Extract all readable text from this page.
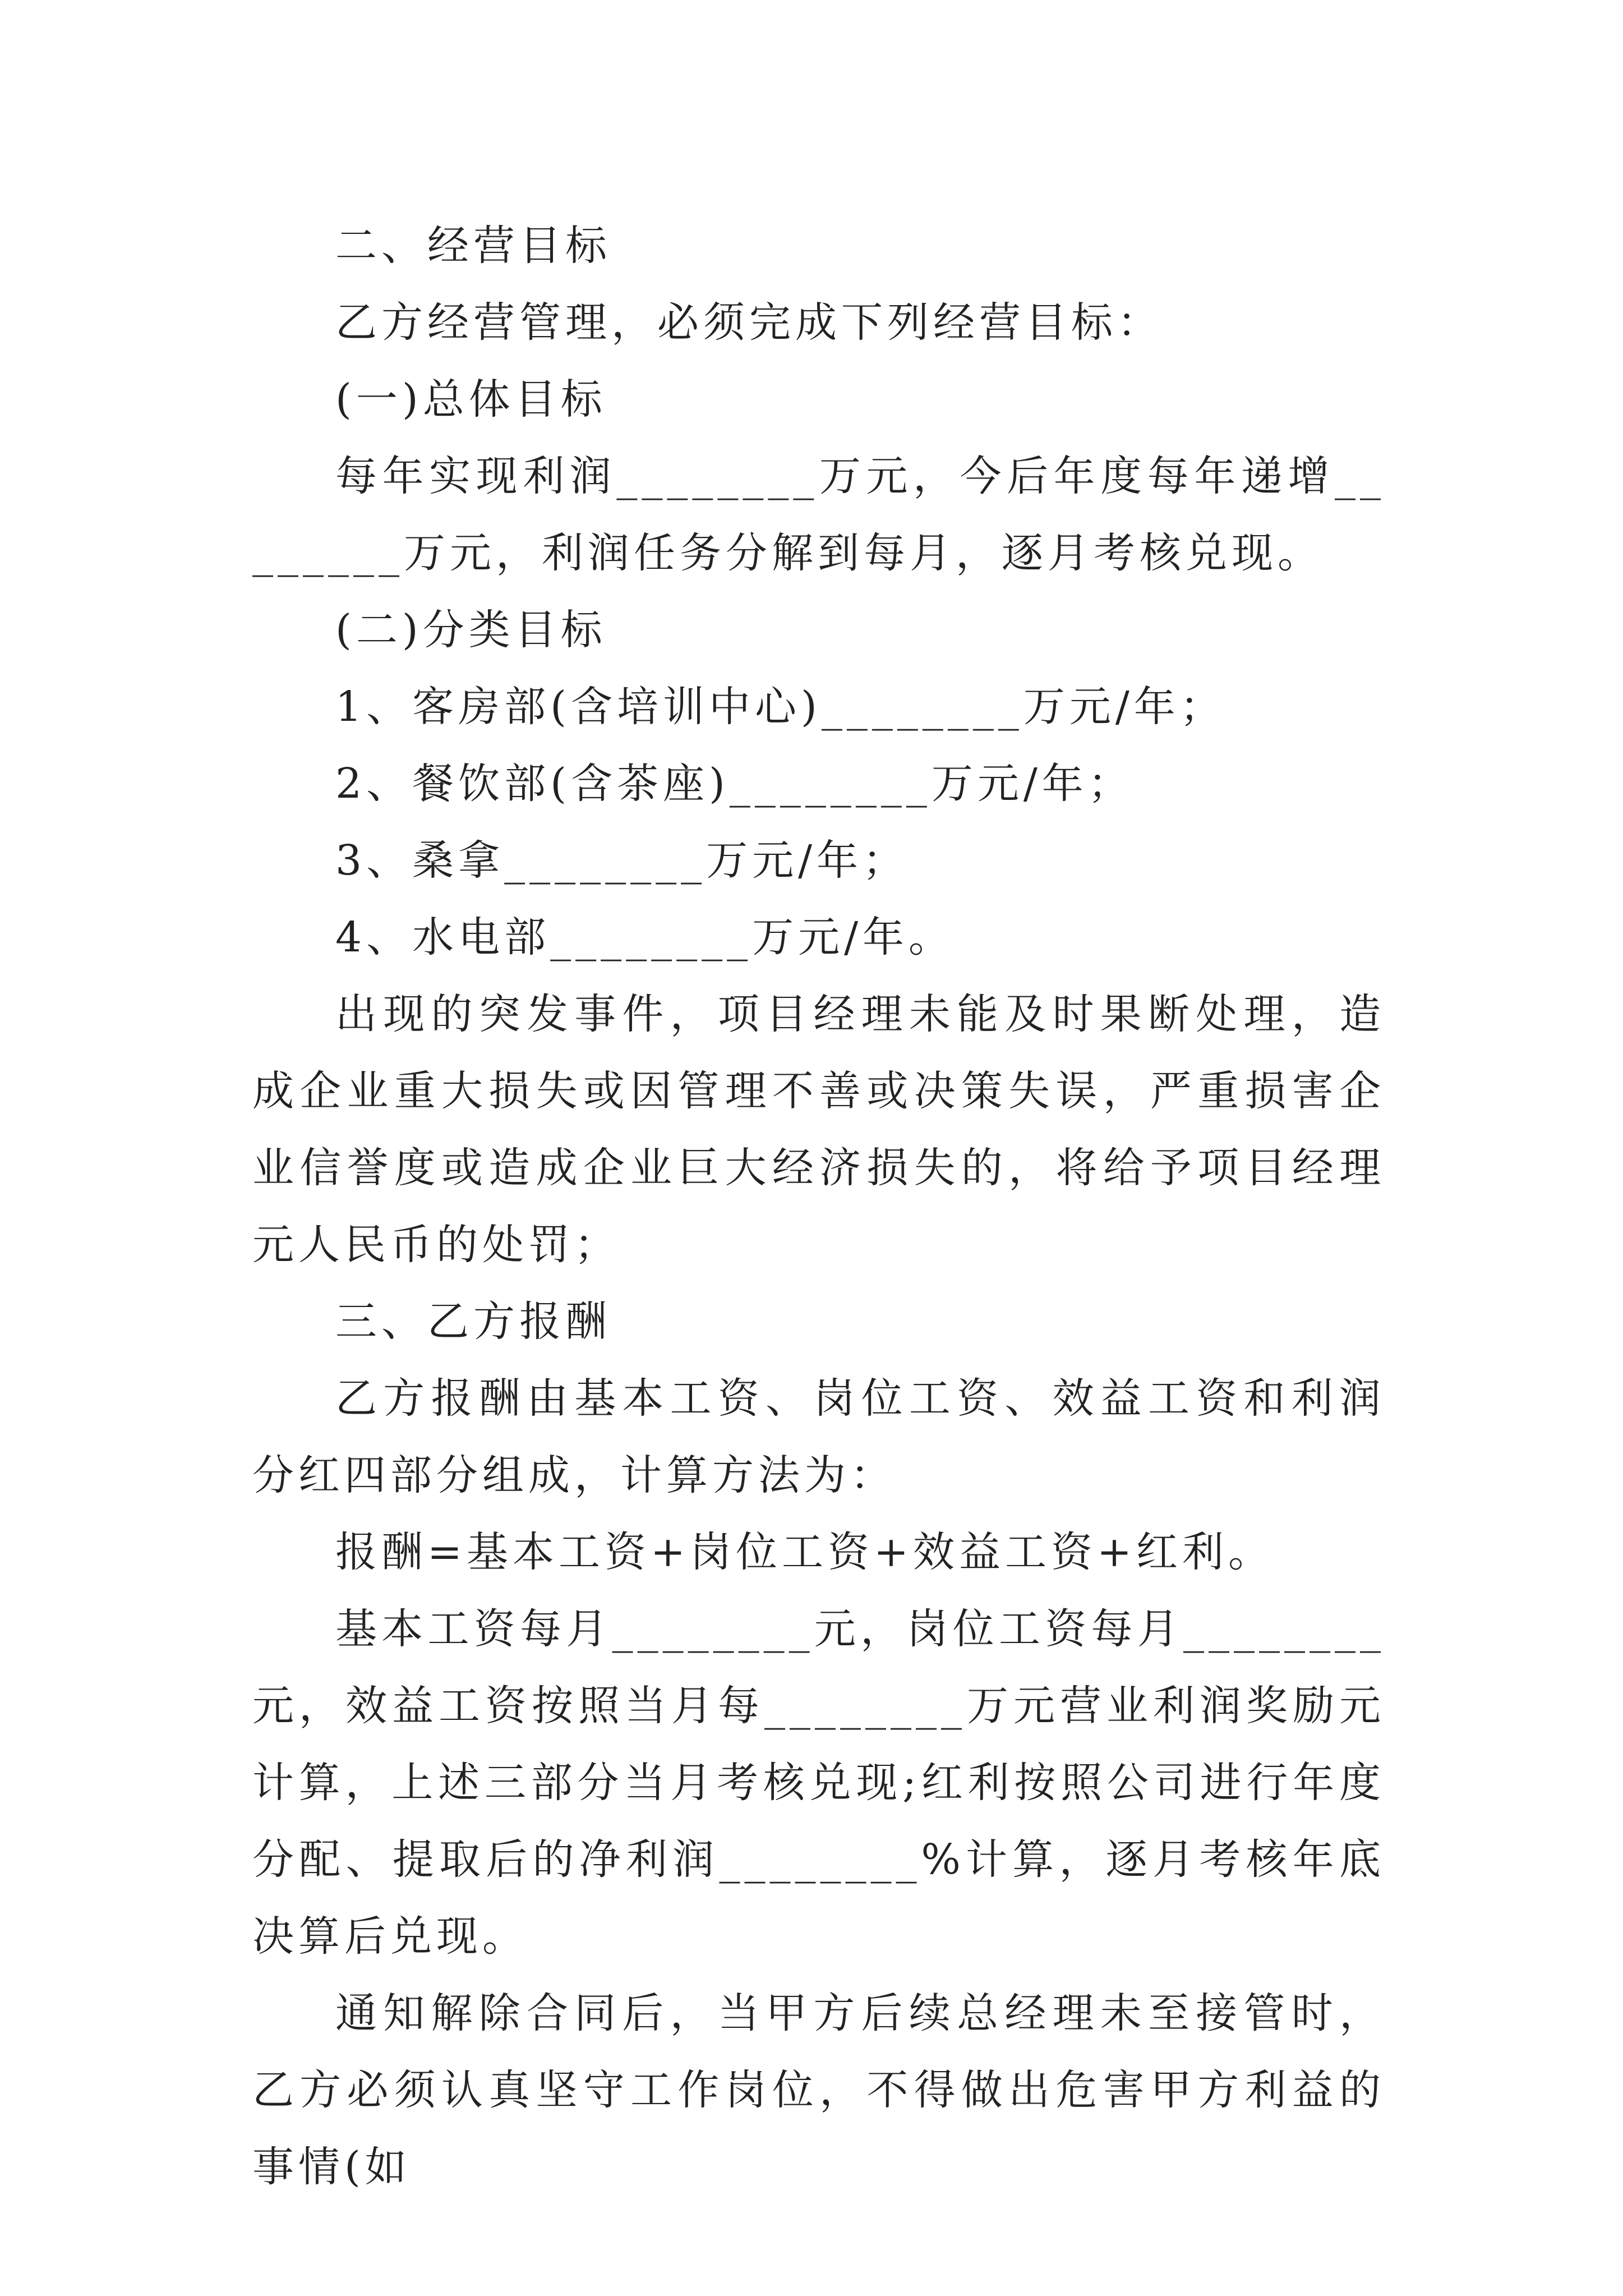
二、经营目标

乙方经营管理，必须完成下列经营目标：

(一)总体目标

每年实现利润________万元，今后年度每年递增________万元，利润任务分解到每月，逐月考核兑现。

(二)分类目标

1、客房部(含培训中心)________万元/年；

2、餐饮部(含茶座)________万元/年；

3、桑拿________万元/年；

4、水电部________万元/年。

出现的突发事件，项目经理未能及时果断处理，造成企业重大损失或因管理不善或决策失误，严重损害企业信誉度或造成企业巨大经济损失的，将给予项目经理元人民币的处罚；

三、乙方报酬

乙方报酬由基本工资、岗位工资、效益工资和利润分红四部分组成，计算方法为：

报酬=基本工资+岗位工资+效益工资+红利。

基本工资每月________元，岗位工资每月________元，效益工资按照当月每________万元营业利润奖励元计算，上述三部分当月考核兑现;红利按照公司进行年度分配、提取后的净利润________%计算，逐月考核年底决算后兑现。

通知解除合同后，当甲方后续总经理未至接管时，乙方必须认真坚守工作岗位，不得做出危害甲方利益的事情(如
